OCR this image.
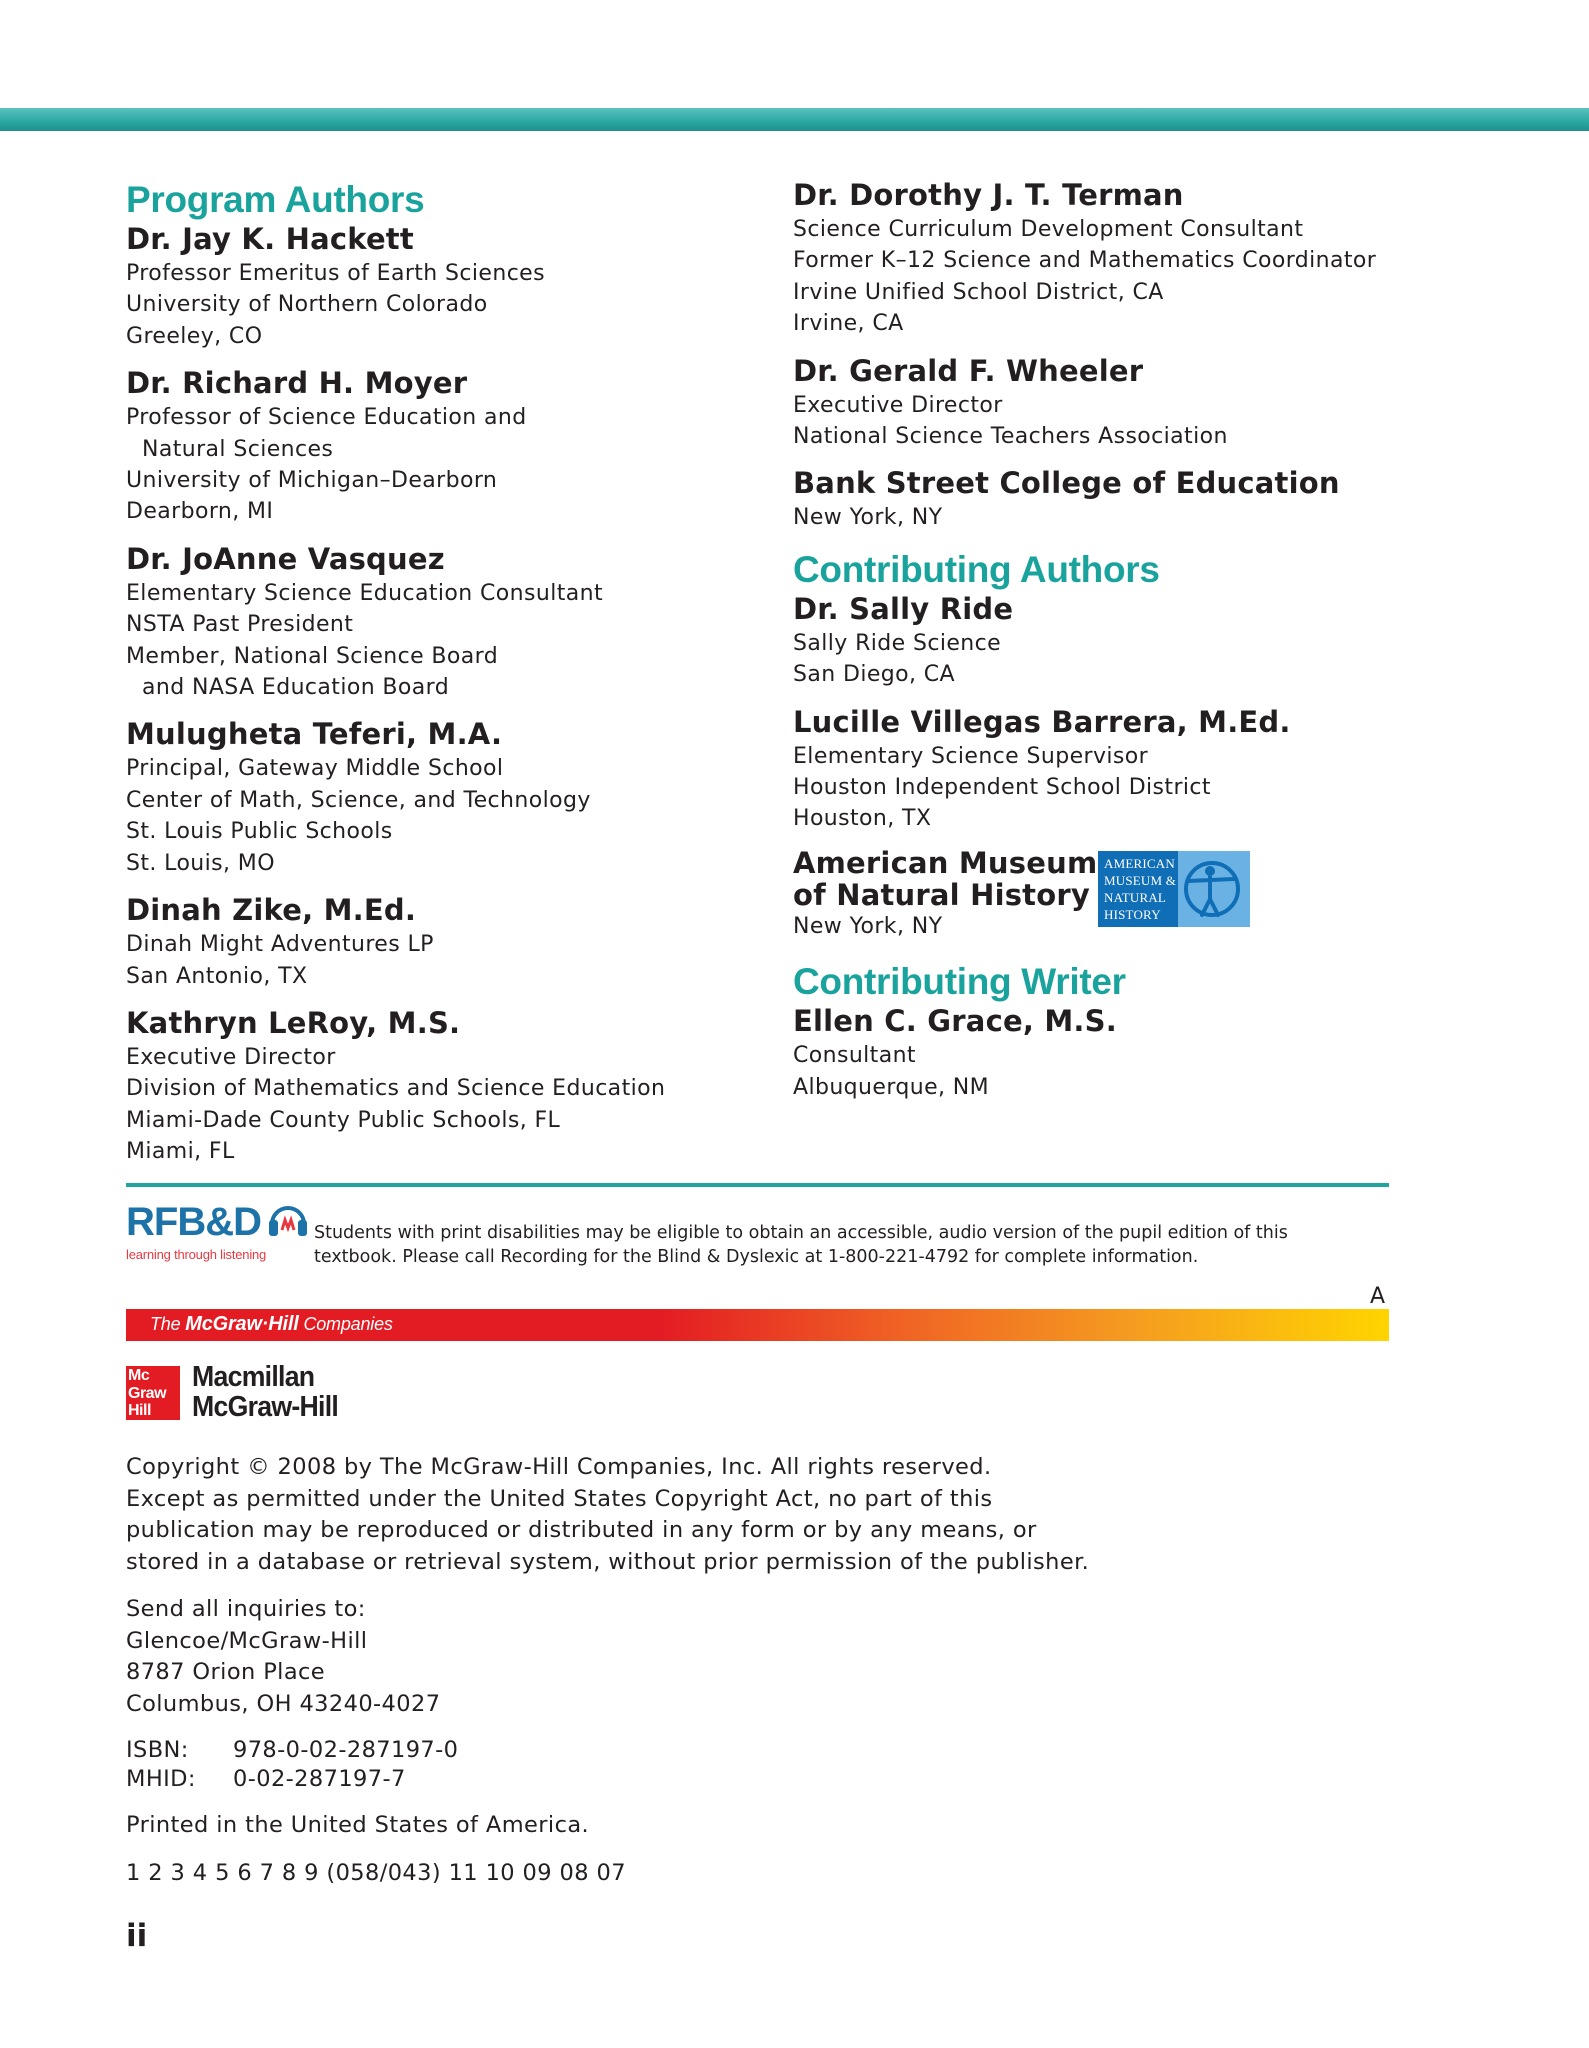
Program Authors
Dr. Jay K. Hackett
Professor Emeritus of Earth Sciences
University of Northern Colorado
Greeley, CO
Dr. Richard H. Moyer
Professor of Science Education and
Natural Sciences
University of Michigan–Dearborn
Dearborn, MI
Dr. JoAnne Vasquez
Elementary Science Education Consultant
NSTA Past President
Member, National Science Board
and NASA Education Board
Mulugheta Teferi, M.A.
Principal, Gateway Middle School
Center of Math, Science, and Technology
St. Louis Public Schools
St. Louis, MO
Dinah Zike, M.Ed.
Dinah Might Adventures LP
San Antonio, TX
Kathryn LeRoy, M.S.
Executive Director
Division of Mathematics and Science Education
Miami-Dade County Public Schools, FL
Miami, FL
Dr. Dorothy J. T. Terman
Science Curriculum Development Consultant
Former K–12 Science and Mathematics Coordinator
Irvine Unified School District, CA
Irvine, CA
Dr. Gerald F. Wheeler
Executive Director
National Science Teachers Association
Bank Street College of Education
New York, NY
Contributing Authors
Dr. Sally Ride
Sally Ride Science
San Diego, CA
Lucille Villegas Barrera, M.Ed.
Elementary Science Supervisor
Houston Independent School District
Houston, TX
American Museum
of Natural History
New York, NY
AMERICAN
MUSEUM &
NATURAL
HISTORY
Contributing Writer
Ellen C. Grace, M.S.
Consultant
Albuquerque, NM
RFB&D
learning through listening
Students with print disabilities may be eligible to obtain an accessible, audio version of the pupil edition of this textbook. Please call Recording for the Blind & Dyslexic at 1-800-221-4792 for complete information.
A
The McGraw·Hill Companies
Mc
Graw
Hill
Macmillan
McGraw-Hill
Copyright © 2008 by The McGraw-Hill Companies, Inc. All rights reserved.
Except as permitted under the United States Copyright Act, no part of this
publication may be reproduced or distributed in any form or by any means, or
stored in a database or retrieval system, without prior permission of the publisher.
Send all inquiries to:
Glencoe/McGraw-Hill
8787 Orion Place
Columbus, OH 43240-4027
ISBN:	978-0-02-287197-0
MHID:	0-02-287197-7
Printed in the United States of America.
1 2 3 4 5 6 7 8 9 (058/043) 11 10 09 08 07
ii
